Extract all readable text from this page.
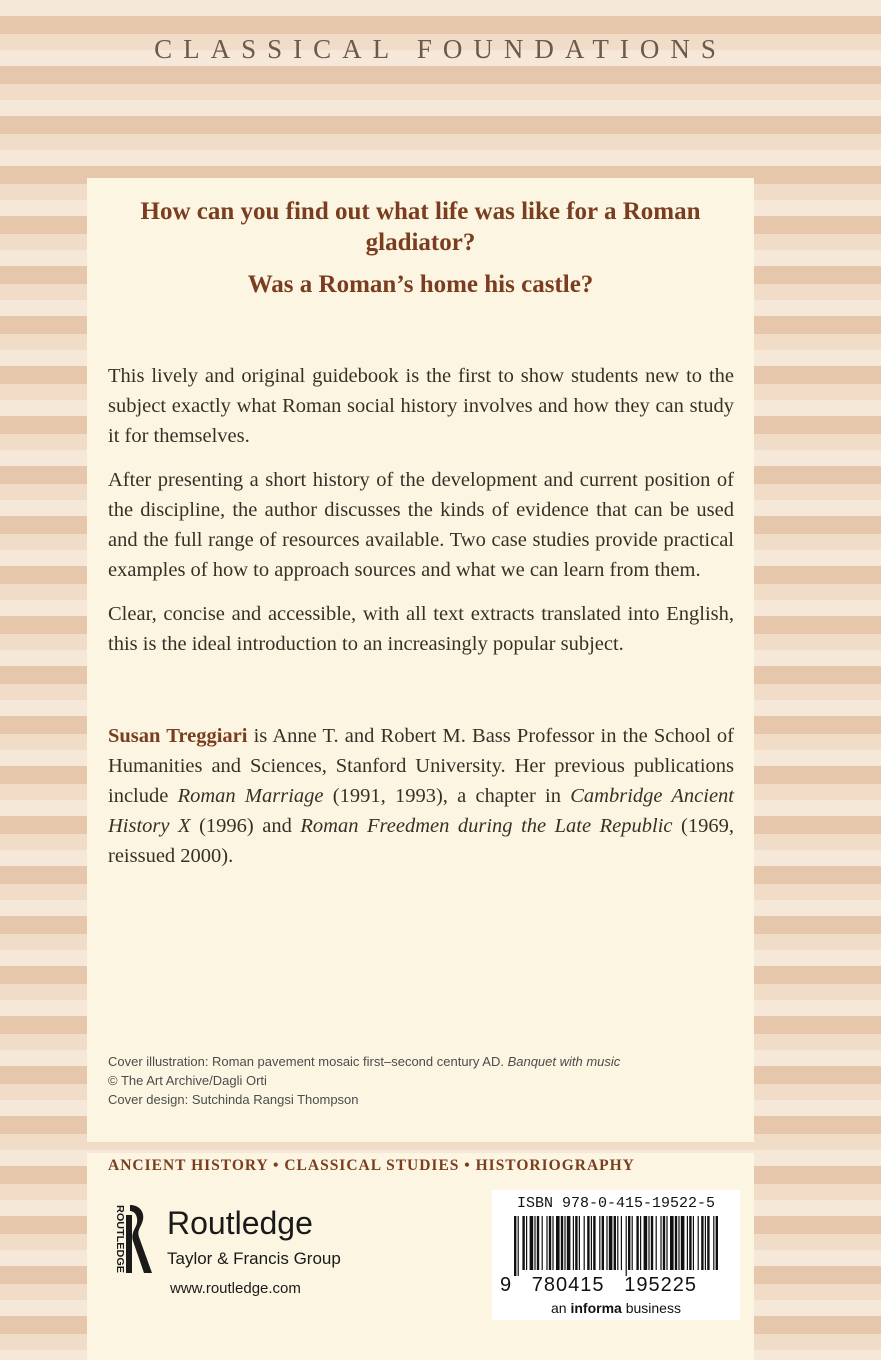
CLASSICAL FOUNDATIONS
How can you find out what life was like for a Roman gladiator?
Was a Roman’s home his castle?

This lively and original guidebook is the first to show students new to the subject exactly what Roman social history involves and how they can study it for themselves.

After presenting a short history of the development and current position of the discipline, the author discusses the kinds of evidence that can be used and the full range of resources available. Two case studies provide practical examples of how to approach sources and what we can learn from them.

Clear, concise and accessible, with all text extracts translated into English, this is the ideal introduction to an increasingly popular subject.

Susan Treggiari is Anne T. and Robert M. Bass Professor in the School of Humanities and Sciences, Stanford University. Her previous publications include Roman Marriage (1991, 1993), a chapter in Cambridge Ancient History X (1996) and Roman Freedmen during the Late Republic (1969, reissued 2000).

Cover illustration: Roman pavement mosaic first–second century AD. Banquet with music
© The Art Archive/Dagli Orti
Cover design: Sutchinda Rangsi Thompson
ANCIENT HISTORY • CLASSICAL STUDIES • HISTORIOGRAPHY
ROUTLEDGE Routledge
Taylor & Francis Group
www.routledge.com
ISBN 978-0-415-19522-5
9   780415   195225
an informa business
